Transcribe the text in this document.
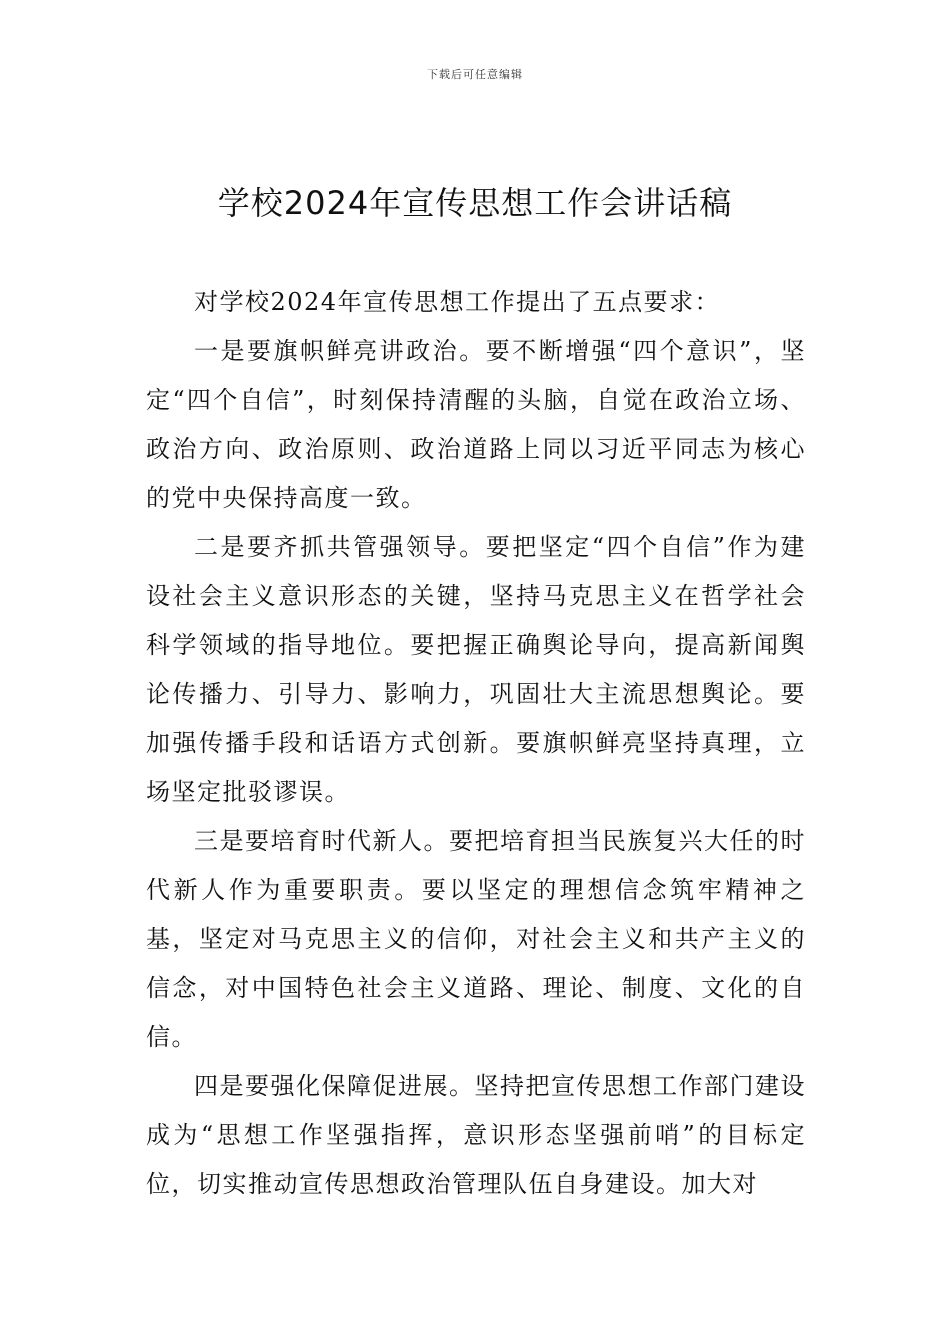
下载后可任意编辑
学校2024年宣传思想工作会讲话稿

对学校2024年宣传思想工作提出了五点要求：

一是要旗帜鲜亮讲政治。要不断增强“四个意识”，坚定“四个自信”，时刻保持清醒的头脑，自觉在政治立场、政治方向、政治原则、政治道路上同以习近平同志为核心的党中央保持高度一致。

二是要齐抓共管强领导。要把坚定“四个自信”作为建设社会主义意识形态的关键，坚持马克思主义在哲学社会科学领域的指导地位。要把握正确舆论导向，提高新闻舆论传播力、引导力、影响力，巩固壮大主流思想舆论。要加强传播手段和话语方式创新。要旗帜鲜亮坚持真理，立场坚定批驳谬误。

三是要培育时代新人。要把培育担当民族复兴大任的时代新人作为重要职责。要以坚定的理想信念筑牢精神之基，坚定对马克思主义的信仰，对社会主义和共产主义的信念，对中国特色社会主义道路、理论、制度、文化的自信。

四是要强化保障促进展。坚持把宣传思想工作部门建设成为“思想工作坚强指挥，意识形态坚强前哨”的目标定位，切实推动宣传思想政治管理队伍自身建设。加大对
